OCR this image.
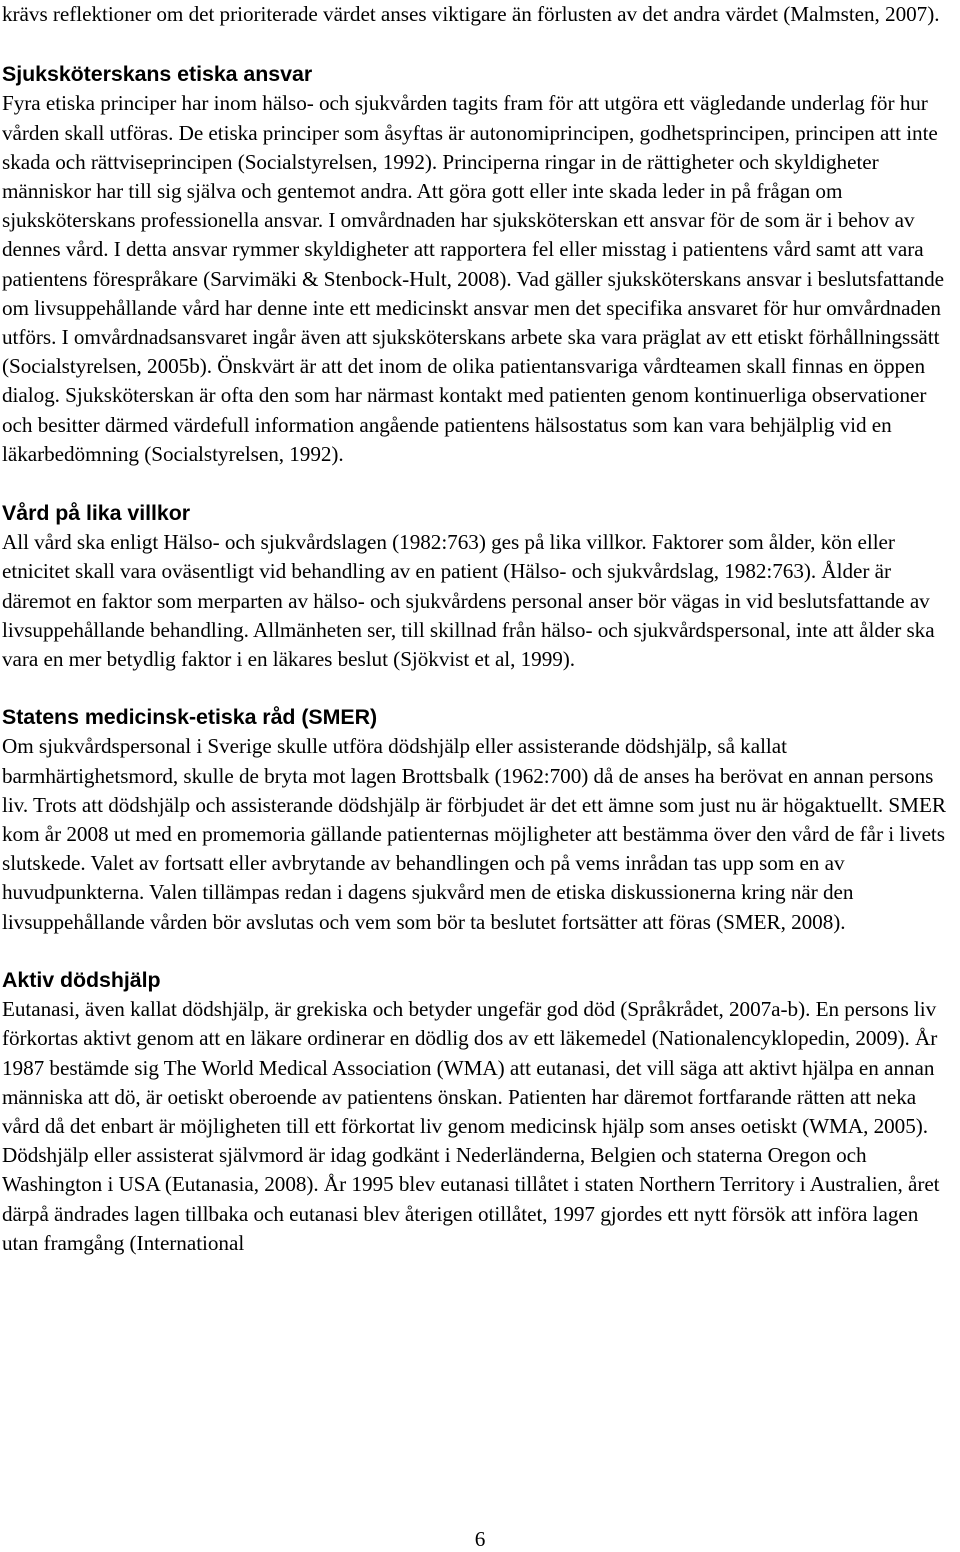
krävs reflektioner om det prioriterade värdet anses viktigare än förlusten av det andra värdet (Malmsten, 2007).

Sjuksköterskans etiska ansvar

Fyra etiska principer har inom hälso- och sjukvården tagits fram för att utgöra ett vägledande underlag för hur vården skall utföras. De etiska principer som åsyftas är autonomiprincipen, godhetsprincipen, principen att inte skada och rättviseprincipen (Socialstyrelsen, 1992). Principerna ringar in de rättigheter och skyldigheter människor har till sig själva och gentemot andra. Att göra gott eller inte skada leder in på frågan om sjuksköterskans professionella ansvar. I omvårdnaden har sjuksköterskan ett ansvar för de som är i behov av dennes vård. I detta ansvar rymmer skyldigheter att rapportera fel eller misstag i patientens vård samt att vara patientens förespråkare (Sarvimäki & Stenbock-Hult, 2008). Vad gäller sjuksköterskans ansvar i beslutsfattande om livsuppehållande vård har denne inte ett medicinskt ansvar men det specifika ansvaret för hur omvårdnaden utförs. I omvårdnadsansvaret ingår även att sjuksköterskans arbete ska vara präglat av ett etiskt förhållningssätt (Socialstyrelsen, 2005b). Önskvärt är att det inom de olika patientansvariga vårdteamen skall finnas en öppen dialog. Sjuksköterskan är ofta den som har närmast kontakt med patienten genom kontinuerliga observationer och besitter därmed värdefull information angående patientens hälsostatus som kan vara behjälplig vid en läkarbedömning (Socialstyrelsen, 1992).

Vård på lika villkor

All vård ska enligt Hälso- och sjukvårdslagen (1982:763) ges på lika villkor. Faktorer som ålder, kön eller etnicitet skall vara oväsentligt vid behandling av en patient (Hälso- och sjukvårdslag, 1982:763). Ålder är däremot en faktor som merparten av hälso- och sjukvårdens personal anser bör vägas in vid beslutsfattande av livsuppehållande behandling. Allmänheten ser, till skillnad från hälso- och sjukvårdspersonal, inte att ålder ska vara en mer betydlig faktor i en läkares beslut (Sjökvist et al, 1999).

Statens medicinsk-etiska råd (SMER)

Om sjukvårdspersonal i Sverige skulle utföra dödshjälp eller assisterande dödshjälp, så kallat barmhärtighetsmord, skulle de bryta mot lagen Brottsbalk (1962:700) då de anses ha berövat en annan persons liv. Trots att dödshjälp och assisterande dödshjälp är förbjudet är det ett ämne som just nu är högaktuellt. SMER kom år 2008 ut med en promemoria gällande patienternas möjligheter att bestämma över den vård de får i livets slutskede. Valet av fortsatt eller avbrytande av behandlingen och på vems inrådan tas upp som en av huvudpunkterna. Valen tillämpas redan i dagens sjukvård men de etiska diskussionerna kring när den livsuppehållande vården bör avslutas och vem som bör ta beslutet fortsätter att föras (SMER, 2008).

Aktiv dödshjälp

Eutanasi, även kallat dödshjälp, är grekiska och betyder ungefär god död (Språkrådet, 2007a-b). En persons liv förkortas aktivt genom att en läkare ordinerar en dödlig dos av ett läkemedel (Nationalencyklopedin, 2009). År 1987 bestämde sig The World Medical Association (WMA) att eutanasi, det vill säga att aktivt hjälpa en annan människa att dö, är oetiskt oberoende av patientens önskan. Patienten har däremot fortfarande rätten att neka vård då det enbart är möjligheten till ett förkortat liv genom medicinsk hjälp som anses oetiskt (WMA, 2005). Dödshjälp eller assisterat självmord är idag godkänt i Nederländerna, Belgien och staterna Oregon och Washington i USA (Eutanasia, 2008). År 1995 blev eutanasi tillåtet i staten Northern Territory i Australien, året därpå ändrades lagen tillbaka och eutanasi blev återigen otillåtet, 1997 gjordes ett nytt försök att införa lagen utan framgång (International

6
